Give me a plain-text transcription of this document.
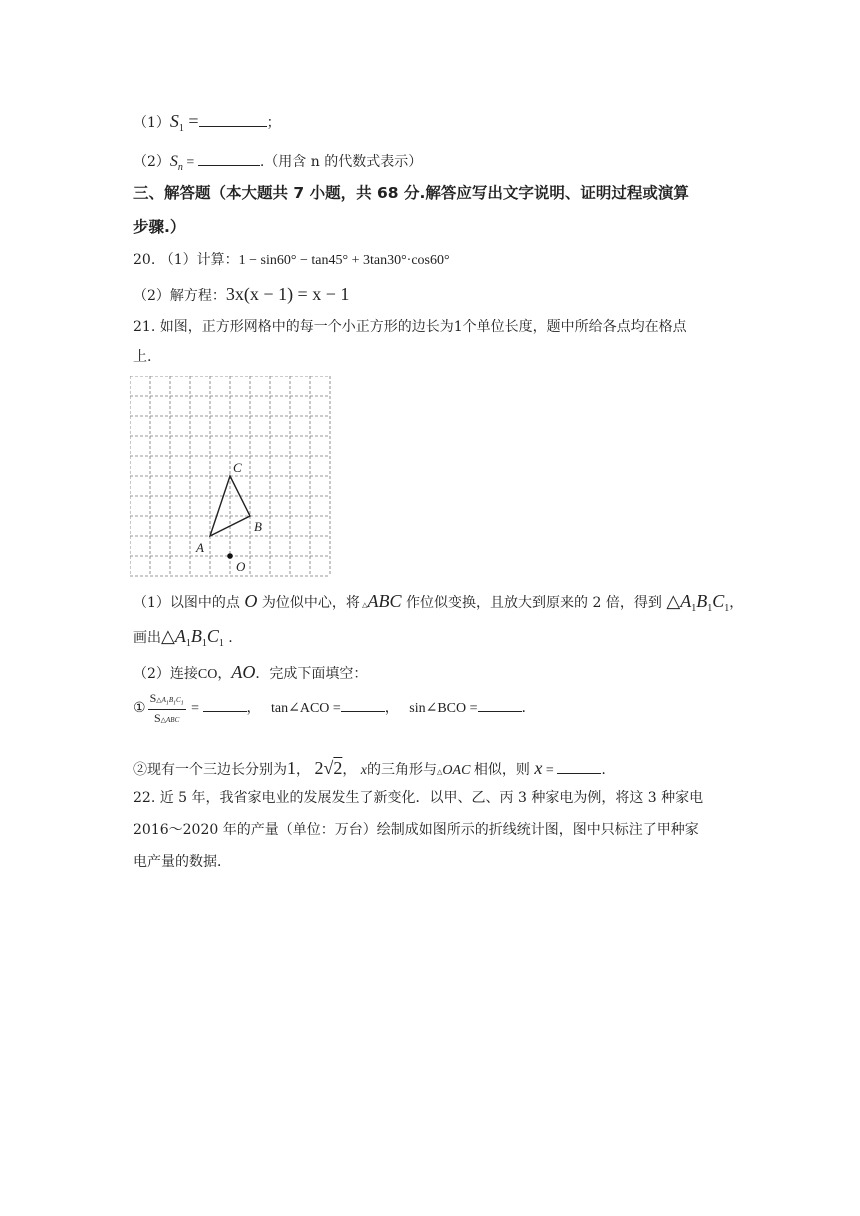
$(1)S_1$ =	；
$(2)S_n$ =	.（用含 n 的代数式表示）
三、解答题（本大题共 7 小题，共 68 分.解答应写出文字说明、证明过程或演算
步骤.）
20. （1）计算：1 − sin60° − tan45° + 3tan30°·cos60°
（2）解方程：3x(x − 1) = x − 1
21. 如图，正方形网格中的每一个小正方形的边长为1个单位长度，题中所给各点均在格点
上.
C
B
A
O
（1）以图中的点 O 为位似中心，将 △ABC 作位似变换，且放大到原来的 2 倍，得到 $\triangle A_1B_1C_1$，
画出$\triangle A_1B_1C_1$ .
（2）连接CO，AO．完成下面填空：
① $\frac{S\triangle A_1B_1C_1}{\text{S△ABC}}$ =	， tan∠ACO =	， sin∠BCO =	.
②现有一个三边长分别为1， 2√2， x的三角形与△OAC 相似，则 x =	.
22. 近 5 年，我省家电业的发展发生了新变化．以甲、乙、丙 3 种家电为例，将这 3 种家电
2016～2020 年的产量（单位：万台）绘制成如图所示的折线统计图，图中只标注了甲种家
电产量的数据．
